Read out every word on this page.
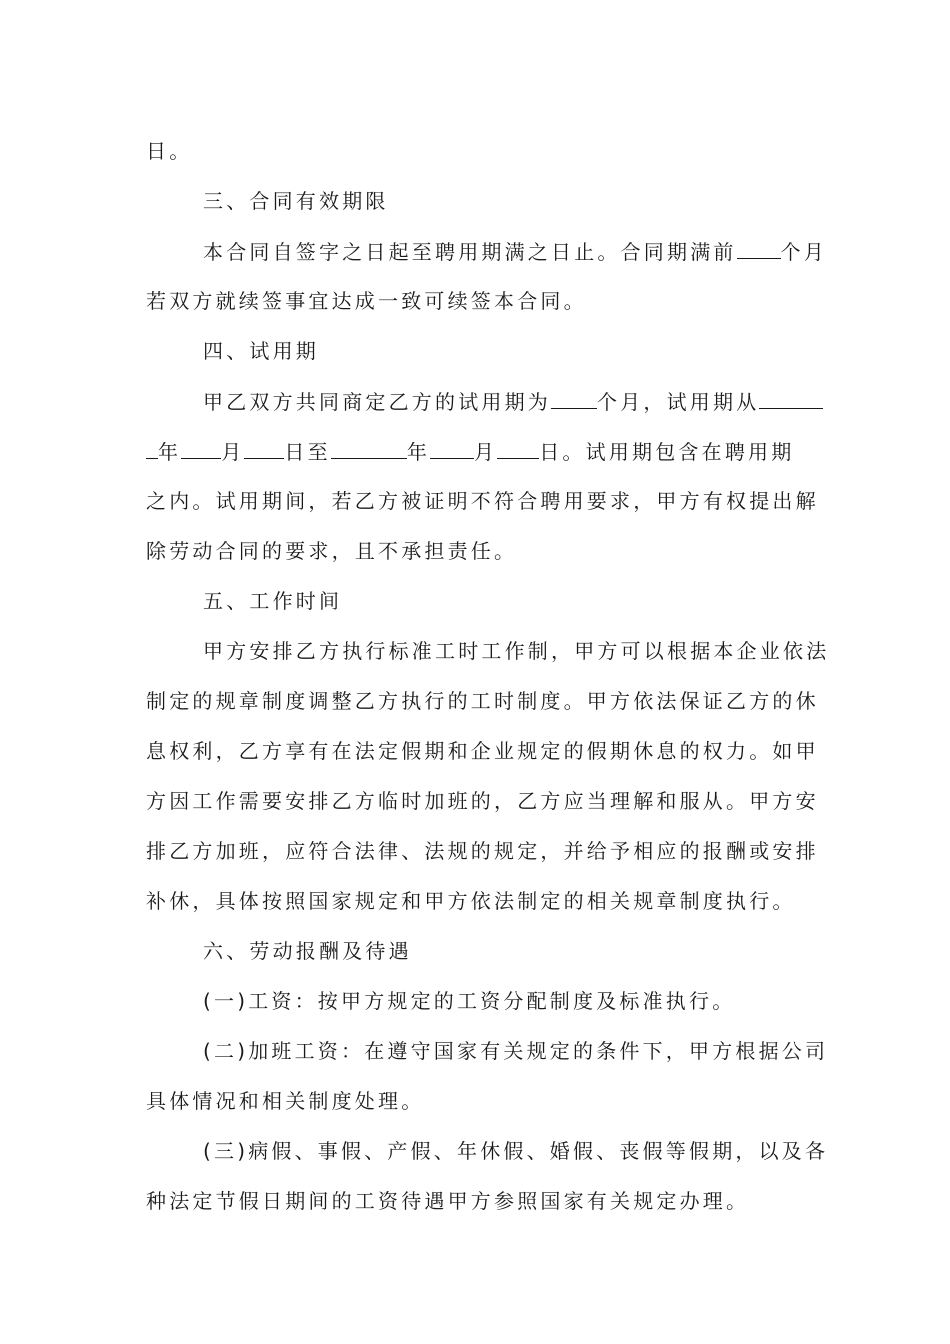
日。
三、合同有效期限
本合同自签字之日起至聘用期满之日止。合同期满前 个月
若双方就续签事宜达成一致可续签本合同。
四、试用期
甲乙双方共同商定乙方的试用期为 个月，试用期从
年 月 日至	年 月 日。试用期包含在聘用期
之内。试用期间，若乙方被证明不符合聘用要求，甲方有权提出解
除劳动合同的要求，且不承担责任。
五、工作时间
甲方安排乙方执行标准工时工作制，甲方可以根据本企业依法
制定的规章制度调整乙方执行的工时制度。甲方依法保证乙方的休
息权利，乙方享有在法定假期和企业规定的假期休息的权力。如甲
方因工作需要安排乙方临时加班的，乙方应当理解和服从。甲方安
排乙方加班，应符合法律、法规的规定，并给予相应的报酬或安排
补休，具体按照国家规定和甲方依法制定的相关规章制度执行。
六、劳动报酬及待遇
(一)工资：按甲方规定的工资分配制度及标准执行。
(二)加班工资：在遵守国家有关规定的条件下，甲方根据公司
具体情况和相关制度处理。
(三)病假、事假、产假、年休假、婚假、丧假等假期，以及各
种法定节假日期间的工资待遇甲方参照国家有关规定办理。
